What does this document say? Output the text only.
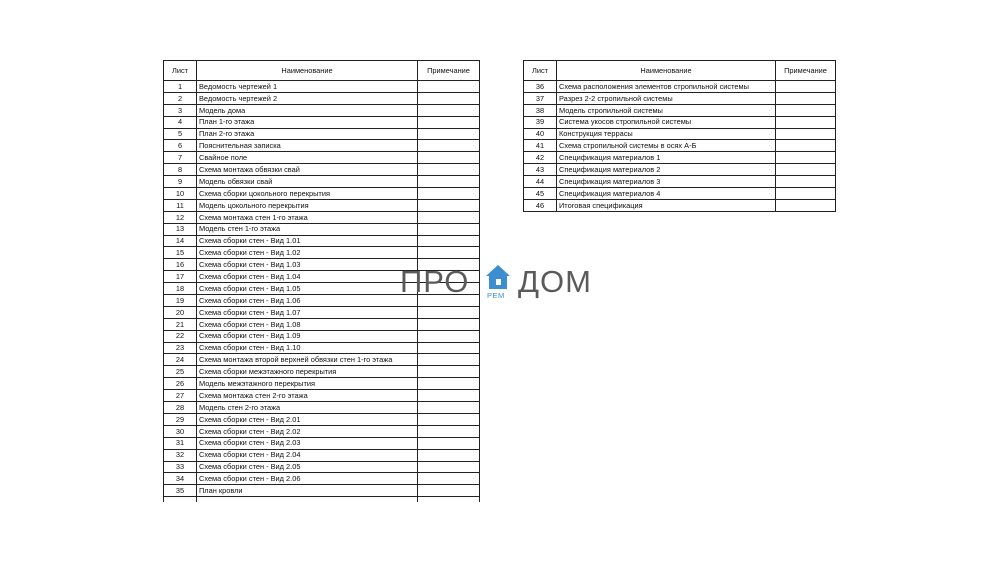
Лист	Наименование	Примечание
1	Ведомость чертежей 1	
2	Ведомость чертежей 2	
3	Модель дома	
4	План 1-го этажа	
5	План 2-го этажа	
6	Пояснительная записка	
7	Свайное поле	
8	Схема монтажа обвязки свай	
9	Модель обвязки свай	
10	Схема сборки цокольного перекрытия	
11	Модель цокольного перекрытия	
12	Схема монтажа стен 1-го этажа	
13	Модель стен 1-го этажа	
14	Схема сборки стен - Вид 1.01	
15	Схема сборки стен - Вид 1.02	
16	Схема сборки стен - Вид 1.03	
17	Схема сборки стен - Вид 1.04	
18	Схема сборки стен - Вид 1.05	
19	Схема сборки стен - Вид 1.06	
20	Схема сборки стен - Вид 1.07	
21	Схема сборки стен - Вид 1.08	
22	Схема сборки стен - Вид 1.09	
23	Схема сборки стен - Вид 1.10	
24	Схема монтажа второй верхней обвязки стен 1-го этажа	
25	Схема сборки межэтажного перекрытия	
26	Модель межэтажного перекрытия	
27	Схема монтажа стен 2-го этажа	
28	Модель стен 2-го этажа	
29	Схема сборки стен - Вид 2.01	
30	Схема сборки стен - Вид 2.02	
31	Схема сборки стен - Вид 2.03	
32	Схема сборки стен - Вид 2.04	
33	Схема сборки стен - Вид 2.05	
34	Схема сборки стен - Вид 2.06	
35	План кровли	

Лист	Наименование	Примечание
36	Схема расположения элементов стропильной системы	
37	Разрез 2-2 стропильной системы	
38	Модель стропильной системы	
39	Система укосов стропильной системы	
40	Конструкция террасы	
41	Схема стропильной системы в осях А-Б	
42	Спецификация материалов 1	
43	Спецификация материалов 2	
44	Спецификация материалов 3	
45	Спецификация материалов 4	
46	Итоговая спецификация	
ПРО РЕМ ДОМ
